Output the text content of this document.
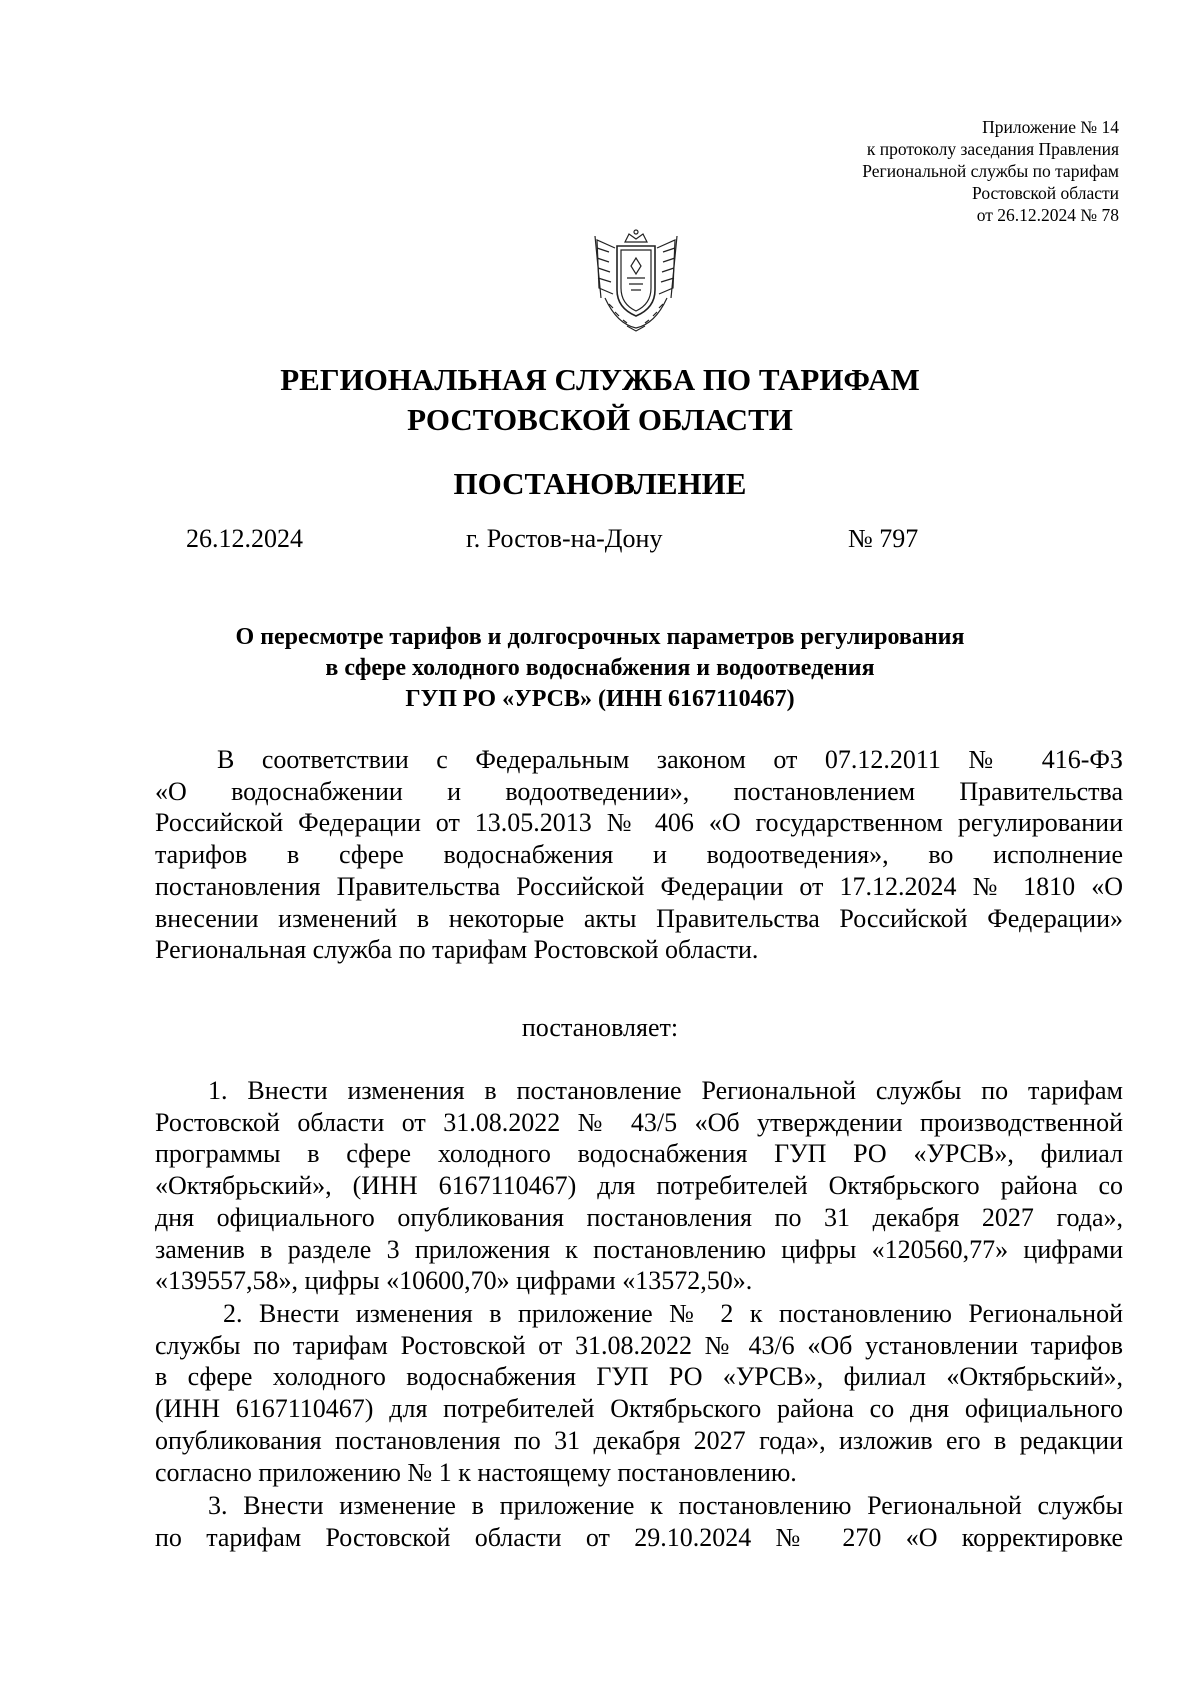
Приложение № 14
к протоколу заседания Правления
Региональной службы по тарифам
Ростовской области
от 26.12.2024 № 78
РЕГИОНАЛЬНАЯ СЛУЖБА ПО ТАРИФАМ
РОСТОВСКОЙ ОБЛАСТИ
ПОСТАНОВЛЕНИЕ
26.12.2024	г. Ростов-на-Дону	№ 797
О пересмотре тарифов и долгосрочных параметров регулирования
в сфере холодного водоснабжения и водоотведения
ГУП РО «УРСВ» (ИНН 6167110467)

В соответствии с Федеральным законом от 07.12.2011 № 416-ФЗ
«О водоснабжении и водоотведении», постановлением Правительства
Российской Федерации от 13.05.2013 № 406 «О государственном регулировании
тарифов в сфере водоснабжения и водоотведения», во исполнение
постановления Правительства Российской Федерации от 17.12.2024 № 1810 «О
внесении изменений в некоторые акты Правительства Российской Федерации»
Региональная служба по тарифам Ростовской области.

постановляет:

1. Внести изменения в постановление Региональной службы по тарифам
Ростовской области от 31.08.2022 № 43/5 «Об утверждении производственной
программы в сфере холодного водоснабжения ГУП РО «УРСВ», филиал
«Октябрьский», (ИНН 6167110467) для потребителей Октябрьского района со
дня официального опубликования постановления по 31 декабря 2027 года»,
заменив в разделе 3 приложения к постановлению цифры «120560,77» цифрами
«139557,58», цифры «10600,70» цифрами «13572,50».

2. Внести изменения в приложение № 2 к постановлению Региональной
службы по тарифам Ростовской от 31.08.2022 № 43/6 «Об установлении тарифов
в сфере холодного водоснабжения ГУП РО «УРСВ», филиал «Октябрьский»,
(ИНН 6167110467) для потребителей Октябрьского района со дня официального
опубликования постановления по 31 декабря 2027 года», изложив его в редакции
согласно приложению № 1 к настоящему постановлению.

3. Внести изменение в приложение к постановлению Региональной службы
по тарифам Ростовской области от 29.10.2024 № 270 «О корректировке
